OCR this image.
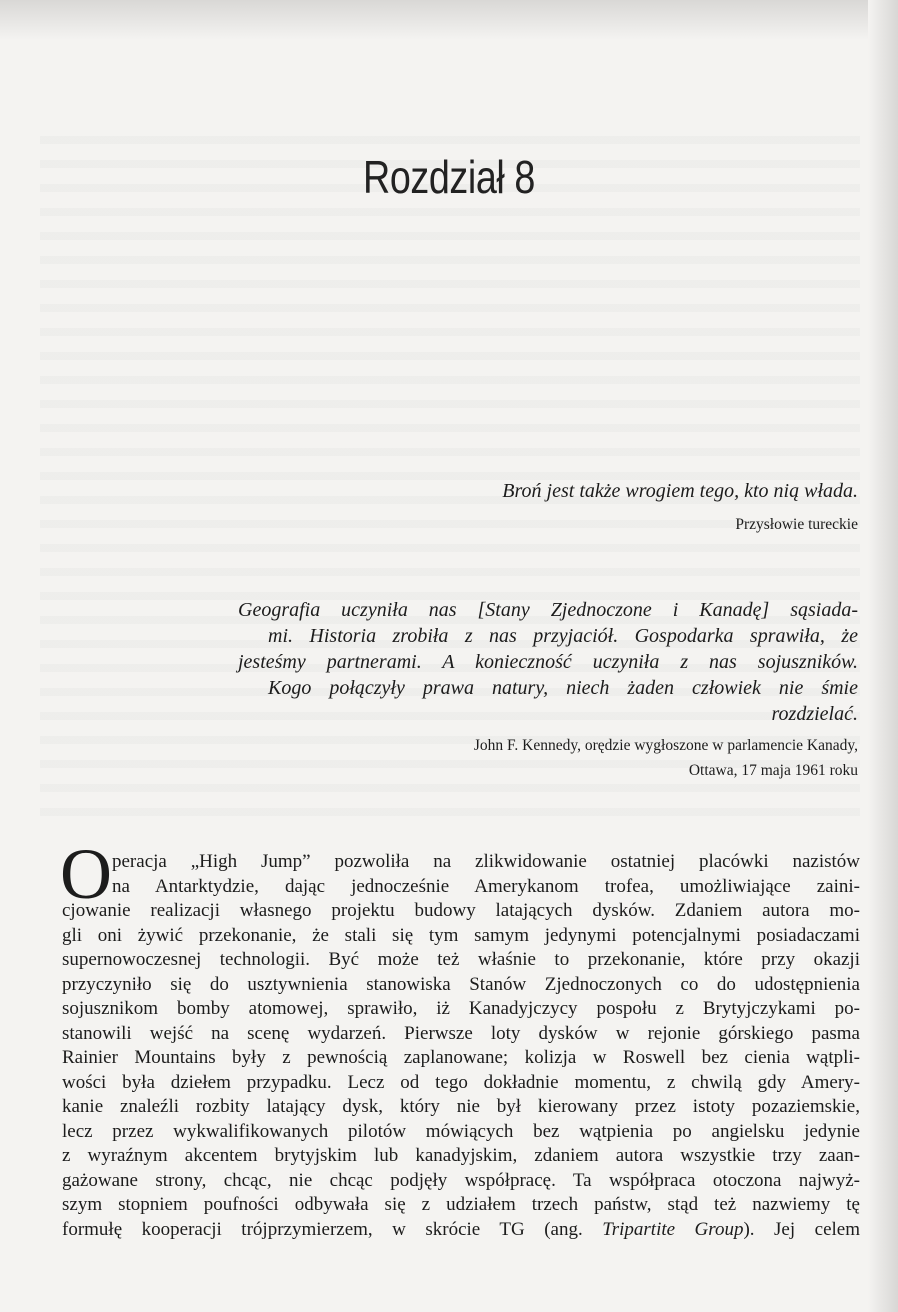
Rozdział 8
Broń jest także wrogiem tego, kto nią włada.
Przysłowie tureckie
Geografia uczyniła nas [Stany Zjednoczone i Kanadę] sąsiada-
mi. Historia zrobiła z nas przyjaciół. Gospodarka sprawiła, że
jesteśmy partnerami. A konieczność uczyniła z nas sojuszników.
Kogo połączyły prawa natury, niech żaden człowiek nie śmie
rozdzielać.
John F. Kennedy, orędzie wygłoszone w parlamencie Kanady,
Ottawa, 17 maja 1961 roku
O peracja „High Jump” pozwoliła na zlikwidowanie ostatniej placówki nazistów
na Antarktydzie, dając jednocześnie Amerykanom trofea, umożliwiające zaini-
cjowanie realizacji własnego projektu budowy latających dysków. Zdaniem autora mo-
gli oni żywić przekonanie, że stali się tym samym jedynymi potencjalnymi posiadaczami
supernowoczesnej technologii. Być może też właśnie to przekonanie, które przy okazji
przyczyniło się do usztywnienia stanowiska Stanów Zjednoczonych co do udostępnienia
sojusznikom bomby atomowej, sprawiło, iż Kanadyjczycy pospołu z Brytyjczykami po-
stanowili wejść na scenę wydarzeń. Pierwsze loty dysków w rejonie górskiego pasma
Rainier Mountains były z pewnością zaplanowane; kolizja w Roswell bez cienia wątpli-
wości była dziełem przypadku. Lecz od tego dokładnie momentu, z chwilą gdy Amery-
kanie znaleźli rozbity latający dysk, który nie był kierowany przez istoty pozaziemskie,
lecz przez wykwalifikowanych pilotów mówiących bez wątpienia po angielsku jedynie
z wyraźnym akcentem brytyjskim lub kanadyjskim, zdaniem autora wszystkie trzy zaan-
gażowane strony, chcąc, nie chcąc podjęły współpracę. Ta współpraca otoczona najwyż-
szym stopniem poufności odbywała się z udziałem trzech państw, stąd też nazwiemy tę
formułę kooperacji trójprzymierzem, w skrócie TG (ang. Tripartite Group). Jej celem
